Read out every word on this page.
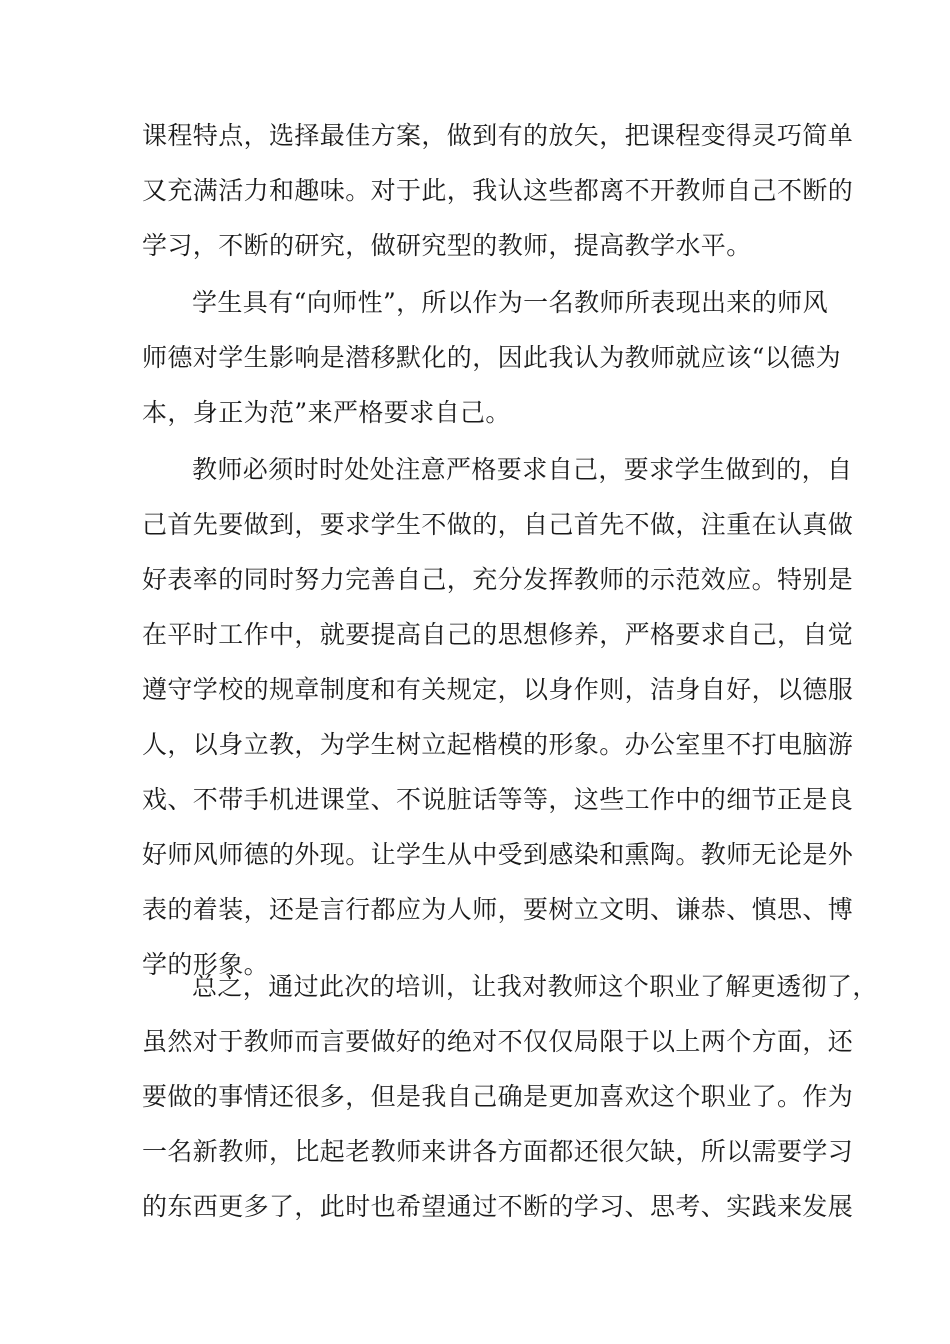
课程特点，选择最佳方案，做到有的放矢，把课程变得灵巧简单
又充满活力和趣味。对于此，我认这些都离不开教师自己不断的
学习，不断的研究，做研究型的教师，提高教学水平。
学生具有“向师性”，所以作为一名教师所表现出来的师风
师德对学生影响是潜移默化的，因此我认为教师就应该“以德为
本，身正为范”来严格要求自己。
教师必须时时处处注意严格要求自己，要求学生做到的，自
己首先要做到，要求学生不做的，自己首先不做，注重在认真做
好表率的同时努力完善自己，充分发挥教师的示范效应。特别是
在平时工作中，就要提高自己的思想修养，严格要求自己，自觉
遵守学校的规章制度和有关规定，以身作则，洁身自好，以德服
人，以身立教，为学生树立起楷模的形象。办公室里不打电脑游
戏、不带手机进课堂、不说脏话等等，这些工作中的细节正是良
好师风师德的外现。让学生从中受到感染和熏陶。教师无论是外
表的着装，还是言行都应为人师，要树立文明、谦恭、慎思、博
学的形象。
总之，通过此次的培训，让我对教师这个职业了解更透彻了，
虽然对于教师而言要做好的绝对不仅仅局限于以上两个方面，还
要做的事情还很多，但是我自己确是更加喜欢这个职业了。作为
一名新教师，比起老教师来讲各方面都还很欠缺，所以需要学习
的东西更多了，此时也希望通过不断的学习、思考、实践来发展
